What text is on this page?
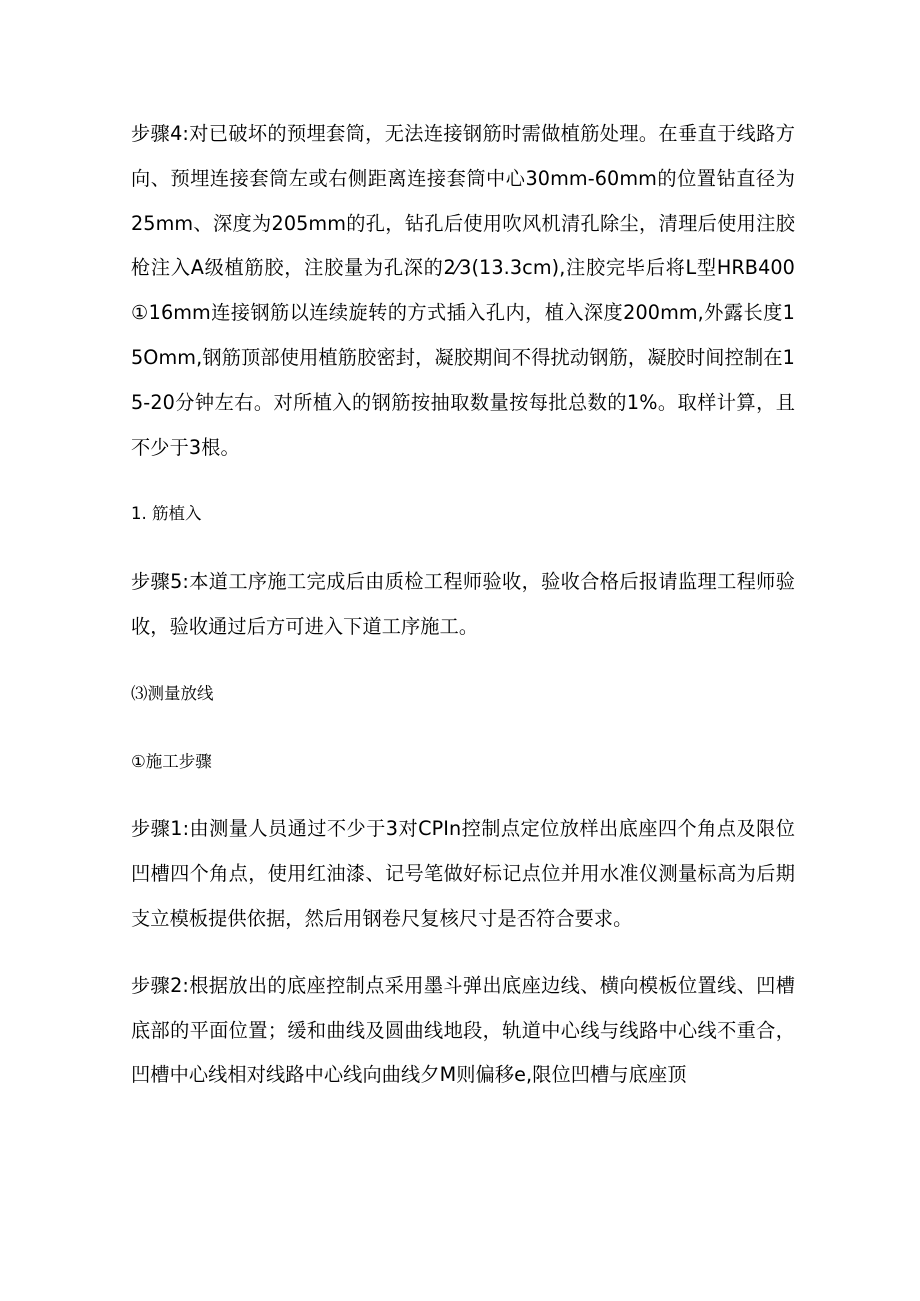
步骤4:对已破坏的预埋套筒，无法连接钢筋时需做植筋处理。在垂直于线路方向、预埋连接套筒左或右侧距离连接套筒中心30mm-60mm的位置钻直径为25mm、深度为205mm的孔，钻孔后使用吹风机清孔除尘，清理后使用注胶枪注入A级植筋胶，注胶量为孔深的2⁄3(13.3cm),注胶完毕后将L型HRB400①16mm连接钢筋以连续旋转的方式插入孔内，植入深度200mm,外露长度15Omm,钢筋顶部使用植筋胶密封，凝胶期间不得扰动钢筋，凝胶时间控制在15-20分钟左右。对所植入的钢筋按抽取数量按每批总数的1%。取样计算，且不少于3根。

1. 筋植入

步骤5:本道工序施工完成后由质检工程师验收，验收合格后报请监理工程师验收，验收通过后方可进入下道工序施工。

⑶测量放线

①施工步骤

步骤1:由测量人员通过不少于3对CPIn控制点定位放样出底座四个角点及限位凹槽四个角点，使用红油漆、记号笔做好标记点位并用水准仪测量标高为后期支立模板提供依据，然后用钢卷尺复核尺寸是否符合要求。

步骤2:根据放出的底座控制点采用墨斗弹出底座边线、横向模板位置线、凹槽底部的平面位置；缓和曲线及圆曲线地段，轨道中心线与线路中心线不重合，凹槽中心线相对线路中心线向曲线夕M则偏移e,限位凹槽与底座顶
